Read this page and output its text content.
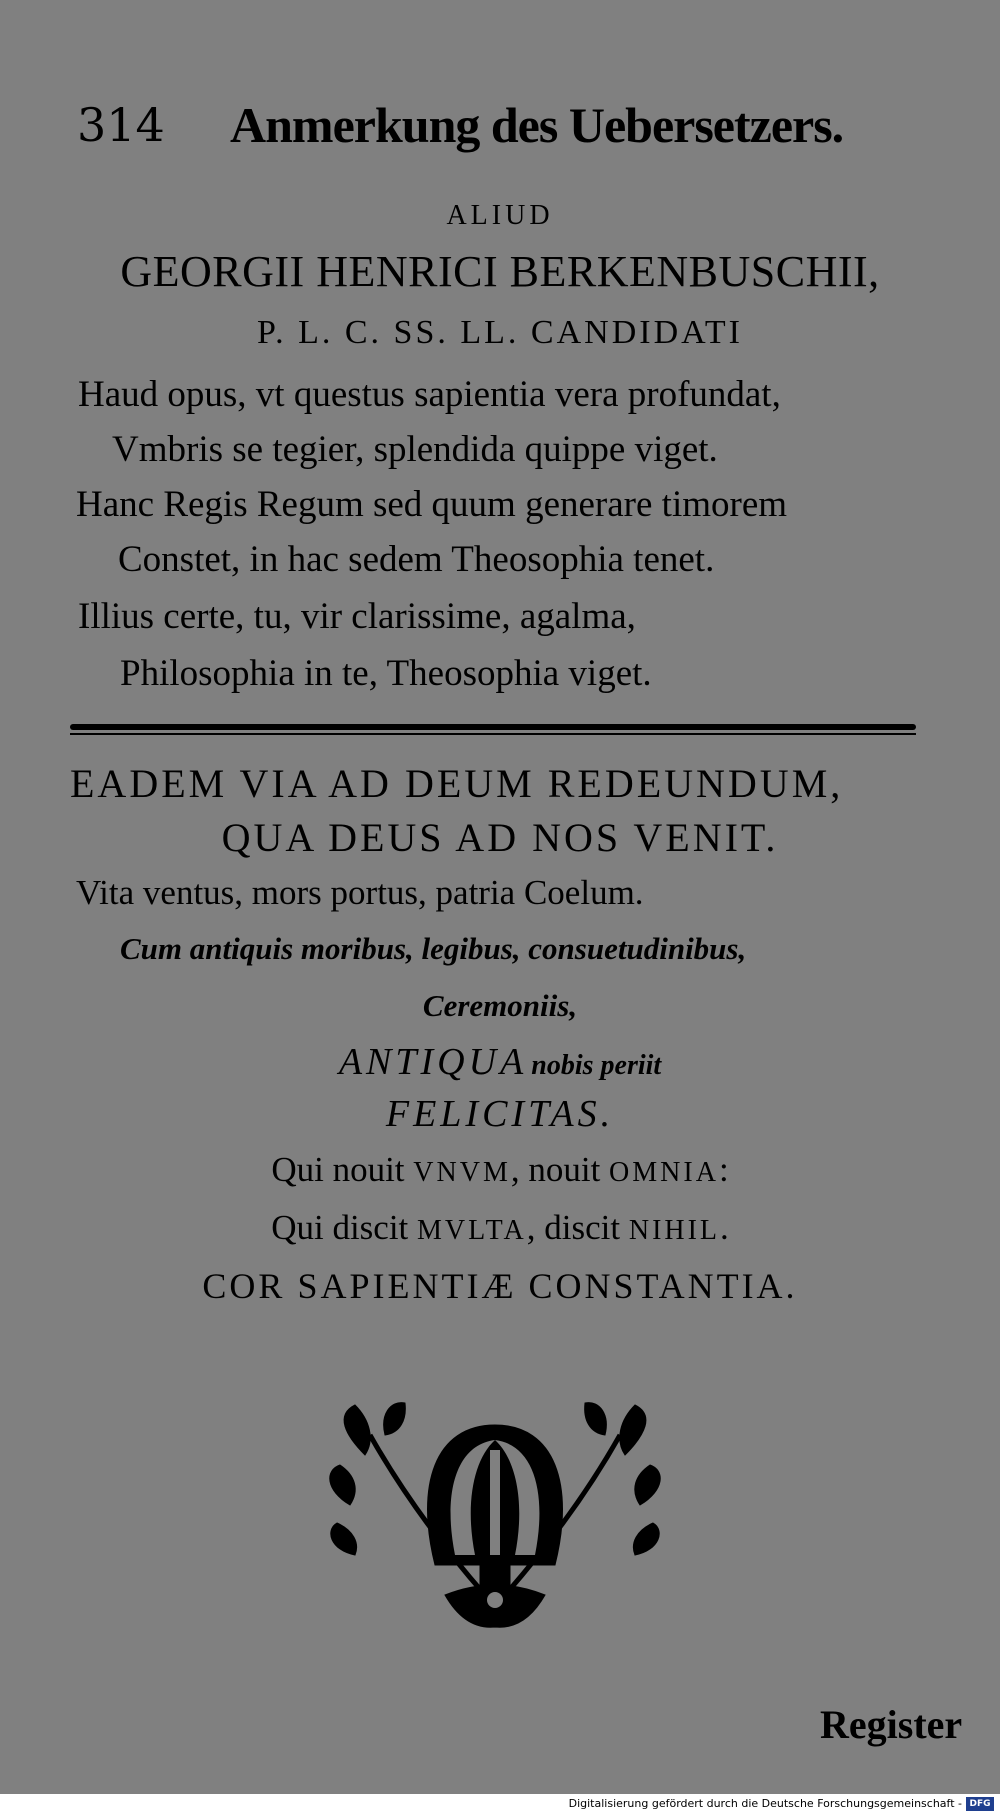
314 Anmerkung des Uebersetzers.
ALIUD
GEORGII HENRICI BERKENBUSCHII,
P. L. C. SS. LL. CANDIDATI
Haud opus, vt questus sapientia vera profundat,
Vmbris se tegier, splendida quippe viget.
Hanc Regis Regum sed quum generare timorem
Constet, in hac sedem Theosophia tenet.
Illius certe, tu, vir clarissime, agalma,
Philosophia in te, Theosophia viget.
EADEM VIA AD DEUM REDEUNDUM,
QUA DEUS AD NOS VENIT.
Vita ventus, mors portus, patria Coelum.
Cum antiquis moribus, legibus, consuetudinibus,
Ceremoniis,
ANTIQUA nobis periit
FELICITAS.
Qui nouit VNVM, nouit OMNIA:
Qui discit MVLTA, discit NIHIL.
COR SAPIENTIÆ CONSTANTIA.
Register
Digitalisierung gefördert durch die Deutsche Forschungsgemeinschaft - DFG
